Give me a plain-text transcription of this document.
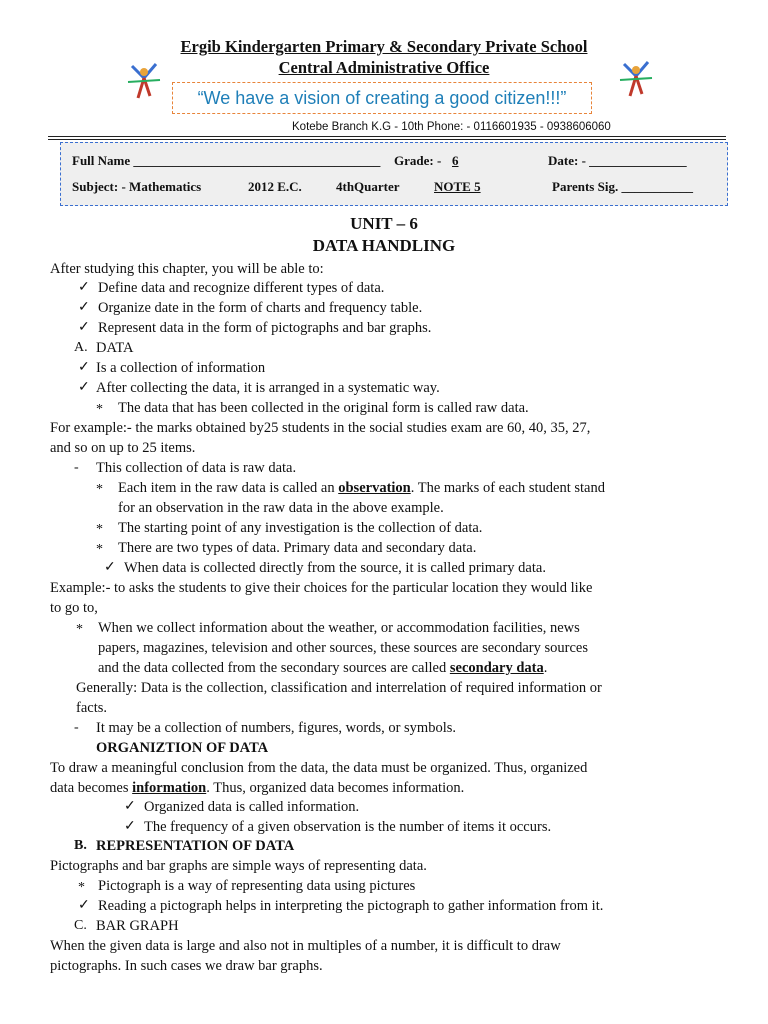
Ergib Kindergarten Primary & Secondary Private School
Central Administrative Office
“We have a vision of creating a good citizen!!!”
Kotebe Branch K.G - 10th Phone: - 0116601935 - 0938606060
Full Name ______________________________________ Grade: - 6	Date: - _______________
Subject: - Mathematics	2012 E.C.	4thQuarter	NOTE 5	Parents Sig. ___________
UNIT – 6
DATA HANDLING
After studying this chapter, you will be able to:
✓ Define data and recognize different types of data.
✓ Organize date in the form of charts and frequency table.
✓ Represent data in the form of pictographs and bar graphs.
A. DATA
✓ Is a collection of information
✓ After collecting the data, it is arranged in a systematic way.
* The data that has been collected in the original form is called raw data.
For example:- the marks obtained by25 students in the social studies exam are 60, 40, 35, 27,
and so on up to 25 items.
- This collection of data is raw data.
* Each item in the raw data is called an observation. The marks of each student stand
for an observation in the raw data in the above example.
* The starting point of any investigation is the collection of data.
* There are two types of data. Primary data and secondary data.
✓ When data is collected directly from the source, it is called primary data.
Example:- to asks the students to give their choices for the particular location they would like
to go to,
* When we collect information about the weather, or accommodation facilities, news
papers, magazines, television and other sources, these sources are secondary sources
and the data collected from the secondary sources are called secondary data.
Generally: Data is the collection, classification and interrelation of required information or
facts.
- It may be a collection of numbers, figures, words, or symbols.
ORGANIZTION OF DATA
To draw a meaningful conclusion from the data, the data must be organized. Thus, organized
data becomes information. Thus, organized data becomes information.
✓ Organized data is called information.
✓ The frequency of a given observation is the number of items it occurs.
B. REPRESENTATION OF DATA
Pictographs and bar graphs are simple ways of representing data.
* Pictograph is a way of representing data using pictures
✓ Reading a pictograph helps in interpreting the pictograph to gather information from it.
C. BAR GRAPH
When the given data is large and also not in multiples of a number, it is difficult to draw
pictographs. In such cases we draw bar graphs.
